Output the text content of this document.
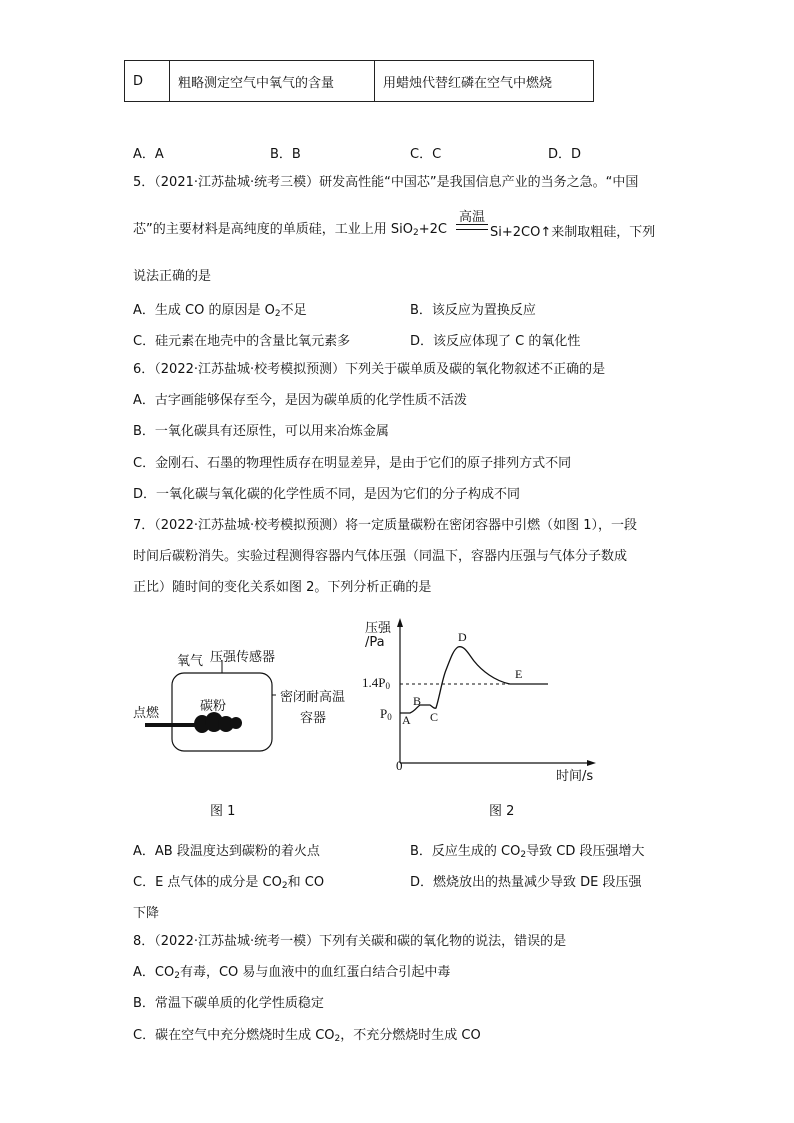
D	粗略测定空气中氧气的含量	用蜡烛代替红磷在空气中燃烧
A．A	B．B	C．C	D．D
5．（2021·江苏盐城·统考三模）研发高性能“中国芯”是我国信息产业的当务之急。“中国
芯”的主要材料是高纯度的单质硅，工业上用 SiO$_2$+2C
高温
Si+2CO↑来制取粗硅，下列
说法正确的是
A．生成 CO 的原因是 $O_2$不足	B．该反应为置换反应
C．硅元素在地壳中的含量比氧元素多	D．该反应体现了 C 的氧化性
6．（2022·江苏盐城·校考模拟预测）下列关于碳单质及碳的氧化物叙述不正确的是
A．古字画能够保存至今，是因为碳单质的化学性质不活泼
B．一氧化碳具有还原性，可以用来冶炼金属
C．金刚石、石墨的物理性质存在明显差异，是由于它们的原子排列方式不同
D．一氧化碳与氧化碳的化学性质不同，是因为它们的分子构成不同
7．（2022·江苏盐城·校考模拟预测）将一定质量碳粉在密闭容器中引燃（如图 1），一段
时间后碳粉消失。实验过程测得容器内气体压强（同温下，容器内压强与气体分子数成
正比）随时间的变化关系如图 2。下列分析正确的是
氧气 压强传感器
碳粉
点燃
密闭耐高温
容器
图 1
压强
/Pa
$1.4P_0$
$P_0$
0
时间/s
A
B
C
D
E
图 2
A．AB 段温度达到碳粉的着火点	B．反应生成的 $CO_2$导致 CD 段压强增大
C．E 点气体的成分是 $CO_2$和 CO	D．燃烧放出的热量减少导致 DE 段压强
下降
8．（2022·江苏盐城·统考一模）下列有关碳和碳的氧化物的说法，错误的是
A．$CO_2$有毒，CO 易与血液中的血红蛋白结合引起中毒
B．常温下碳单质的化学性质稳定
C．碳在空气中充分燃烧时生成 $CO_2$，不充分燃烧时生成 CO
